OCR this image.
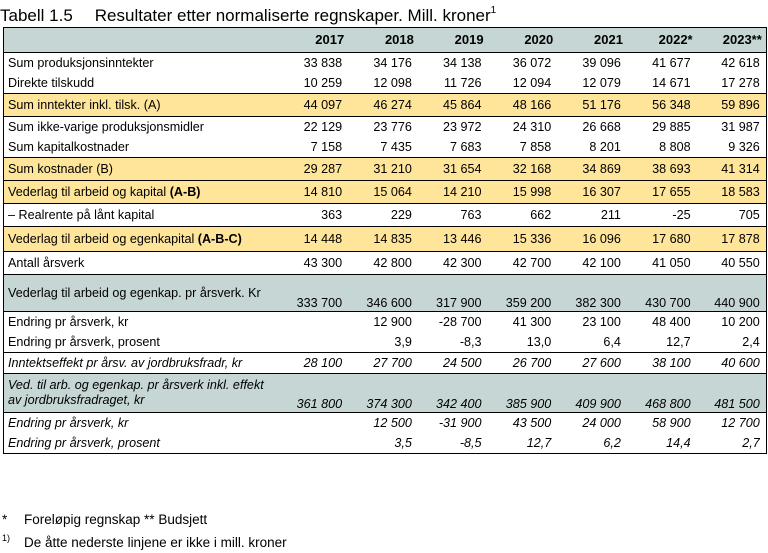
Tabell 1.5 Resultater etter normaliserte regnskaper. Mill. kroner$^1$
	2017	2018	2019	2020	2021	2022*	2023**
Sum produksjonsinntekter	33 838	34 176	34 138	36 072	39 096	41 677	42 618
Direkte tilskudd	10 259	12 098	11 726	12 094	12 079	14 671	17 278
Sum inntekter inkl. tilsk. (A)	44 097	46 274	45 864	48 166	51 176	56 348	59 896
Sum ikke-varige produksjonsmidler	22 129	23 776	23 972	24 310	26 668	29 885	31 987
Sum kapitalkostnader	7 158	7 435	7 683	7 858	8 201	8 808	9 326
Sum kostnader (B)	29 287	31 210	31 654	32 168	34 869	38 693	41 314
Vederlag til arbeid og kapital (A-B)	14 810	15 064	14 210	15 998	16 307	17 655	18 583
– Realrente på lånt kapital	363	229	763	662	211	-25	705
Vederlag til arbeid og egenkapital (A-B-C)	14 448	14 835	13 446	15 336	16 096	17 680	17 878
Antall årsverk	43 300	42 800	42 300	42 700	42 100	41 050	40 550
Vederlag til arbeid og egenkap. pr årsverk. Kr	333 700	346 600	317 900	359 200	382 300	430 700	440 900
Endring pr årsverk, kr		12 900	-28 700	41 300	23 100	48 400	10 200
Endring pr årsverk, prosent		3,9	-8,3	13,0	6,4	12,7	2,4
Inntektseffekt pr årsv. av jordbruksfradr, kr	28 100	27 700	24 500	26 700	27 600	38 100	40 600
Ved. til arb. og egenkap. pr årsverk inkl. effekt av jordbruksfradraget, kr	361 800	374 300	342 400	385 900	409 900	468 800	481 500
Endring pr årsverk, kr		12 500	-31 900	43 500	24 000	58 900	12 700
Endring pr årsverk, prosent		3,5	-8,5	12,7	6,2	14,4	2,7
* Foreløpig regnskap ** Budsjett
$^{1)}$ De åtte nederste linjene er ikke i mill. kroner
